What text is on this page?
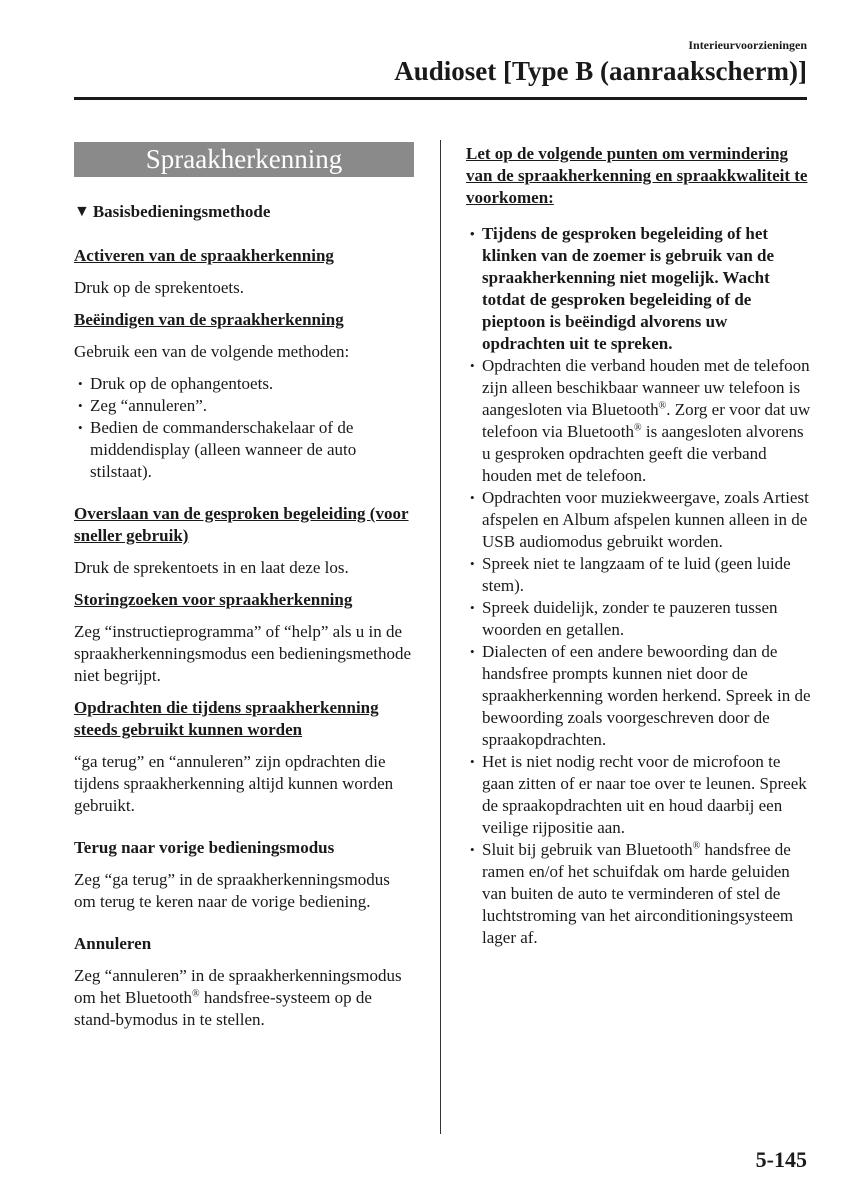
Interieurvoorzieningen
Audioset [Type B (aanraakscherm)]
Spraakherkenning
▼ Basisbedieningsmethode
Activeren van de spraakherkenning

Druk op de sprekentoets.

Beëindigen van de spraakherkenning

Gebruik een van de volgende methoden:

• Druk op de ophangentoets.
• Zeg “annuleren”.
• Bedien de commanderschakelaar of de middendisplay (alleen wanneer de auto stilstaat).
Overslaan van de gesproken begeleiding (voor sneller gebruik)

Druk de sprekentoets in en laat deze los.

Storingzoeken voor spraakherkenning

Zeg “instructieprogramma” of “help” als u in de spraakherkenningsmodus een bedieningsmethode niet begrijpt.

Opdrachten die tijdens spraakherkenning steeds gebruikt kunnen worden

“ga terug” en “annuleren” zijn opdrachten die tijdens spraakherkenning altijd kunnen worden gebruikt.

Terug naar vorige bedieningsmodus

Zeg “ga terug” in de spraakherkenningsmodus om terug te keren naar de vorige bediening.

Annuleren

Zeg “annuleren” in de spraakherkenningsmodus om het Bluetooth® handsfree-systeem op de stand-bymodus in te stellen.

Let op de volgende punten om vermindering van de spraakherkenning en spraakkwaliteit te voorkomen:
• Tijdens de gesproken begeleiding of het klinken van de zoemer is gebruik van de spraakherkenning niet mogelijk. Wacht totdat de gesproken begeleiding of de pieptoon is beëindigd alvorens uw opdrachten uit te spreken.
• Opdrachten die verband houden met de telefoon zijn alleen beschikbaar wanneer uw telefoon is aangesloten via Bluetooth®. Zorg er voor dat uw telefoon via Bluetooth® is aangesloten alvorens u gesproken opdrachten geeft die verband houden met de telefoon.
• Opdrachten voor muziekweergave, zoals Artiest afspelen en Album afspelen kunnen alleen in de USB audiomodus gebruikt worden.
• Spreek niet te langzaam of te luid (geen luide stem).
• Spreek duidelijk, zonder te pauzeren tussen woorden en getallen.
• Dialecten of een andere bewoording dan de handsfree prompts kunnen niet door de spraakherkenning worden herkend. Spreek in de bewoording zoals voorgeschreven door de spraakopdrachten.
• Het is niet nodig recht voor de microfoon te gaan zitten of er naar toe over te leunen. Spreek de spraakopdrachten uit en houd daarbij een veilige rijpositie aan.
• Sluit bij gebruik van Bluetooth® handsfree de ramen en/of het schuifdak om harde geluiden van buiten de auto te verminderen of stel de luchtstroming van het airconditioningsysteem lager af.
5-145
